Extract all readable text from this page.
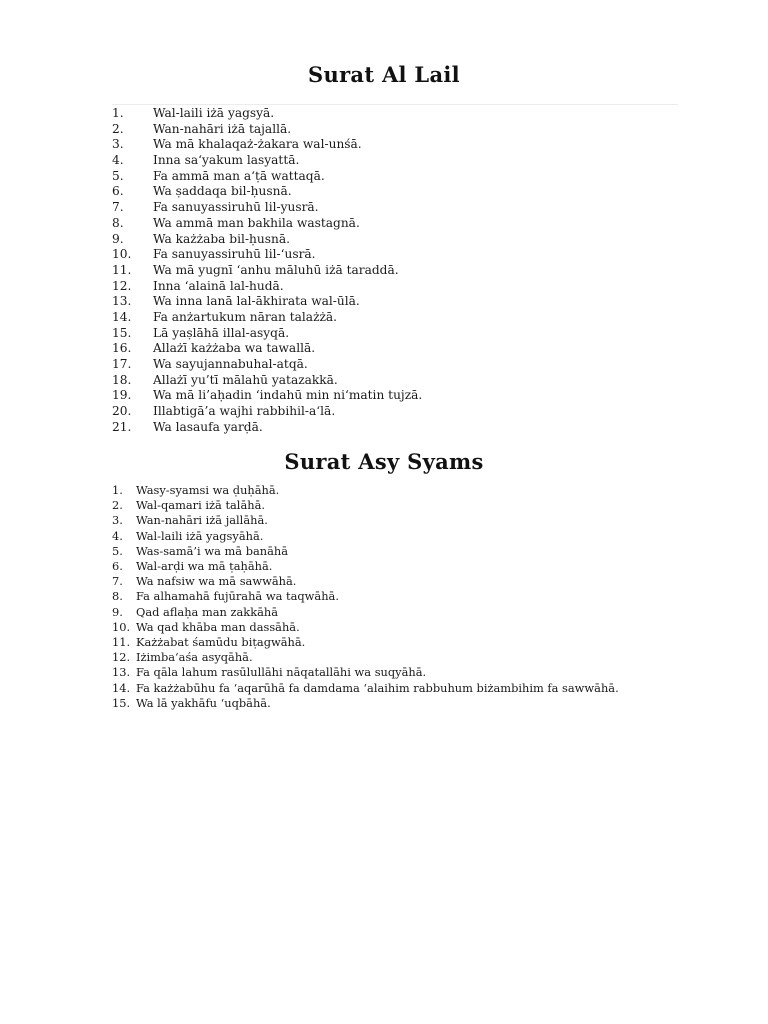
Surat Al Lail
1.	Wal-laili iżā yagsyā.
2.	Wan-nahāri iżā tajallā.
3.	Wa mā khalaqaż-żakara wal-unśā.
4.	Inna sa‘yakum lasyattā.
5.	Fa ammā man a‘ṭā wattaqā.
6.	Wa ṣaddaqa bil-ḥusnā.
7.	Fa sanuyassiruhū lil-yusrā.
8.	Wa ammā man bakhila wastagnā.
9.	Wa każżaba bil-ḥusnā.
10.	Fa sanuyassiruhū lil-‘usrā.
11.	Wa mā yugnī ‘anhu māluhū iżā taraddā.
12.	Inna ‘alainā lal-hudā.
13.	Wa inna lanā lal-ākhirata wal-ūlā.
14.	Fa anżartukum nāran talażżā.
15.	Lā yaṣlāhā illal-asyqā.
16.	Allażī każżaba wa tawallā.
17.	Wa sayujannabuhal-atqā.
18.	Allażī yu’tī mālahū yatazakkā.
19.	Wa mā li’aḥadin ‘indahū min ni‘matin tujzā.
20.	Illabtigā’a wajhi rabbihil-a‘lā.
21.	Wa lasaufa yarḍā.
Surat Asy Syams
1.	Wasy-syamsi wa ḍuḥāhā.
2.	Wal-qamari iżā talāhā.
3.	Wan-nahāri iżā jallāhā.
4.	Wal-laili iżā yagsyāhā.
5.	Was-samā’i wa mā banāhā
6.	Wal-arḍi wa mā ṭaḥāhā.
7.	Wa nafsiw wa mā sawwāhā.
8.	Fa alhamahā fujūrahā wa taqwāhā.
9.	Qad aflaḥa man zakkāhā
10. Wa qad khāba man dassāhā.
11. Każżabat śamūdu biṭagwāhā.
12. Iżimba‘aśa asyqāhā.
13. Fa qāla lahum rasūlullāhi nāqatallāhi wa suqyāhā.
14. Fa każżabūhu fa ‘aqarūhā fa damdama ‘alaihim rabbuhum biżambihim fa sawwāhā.
15. Wa lā yakhāfu ‘uqbāhā.
